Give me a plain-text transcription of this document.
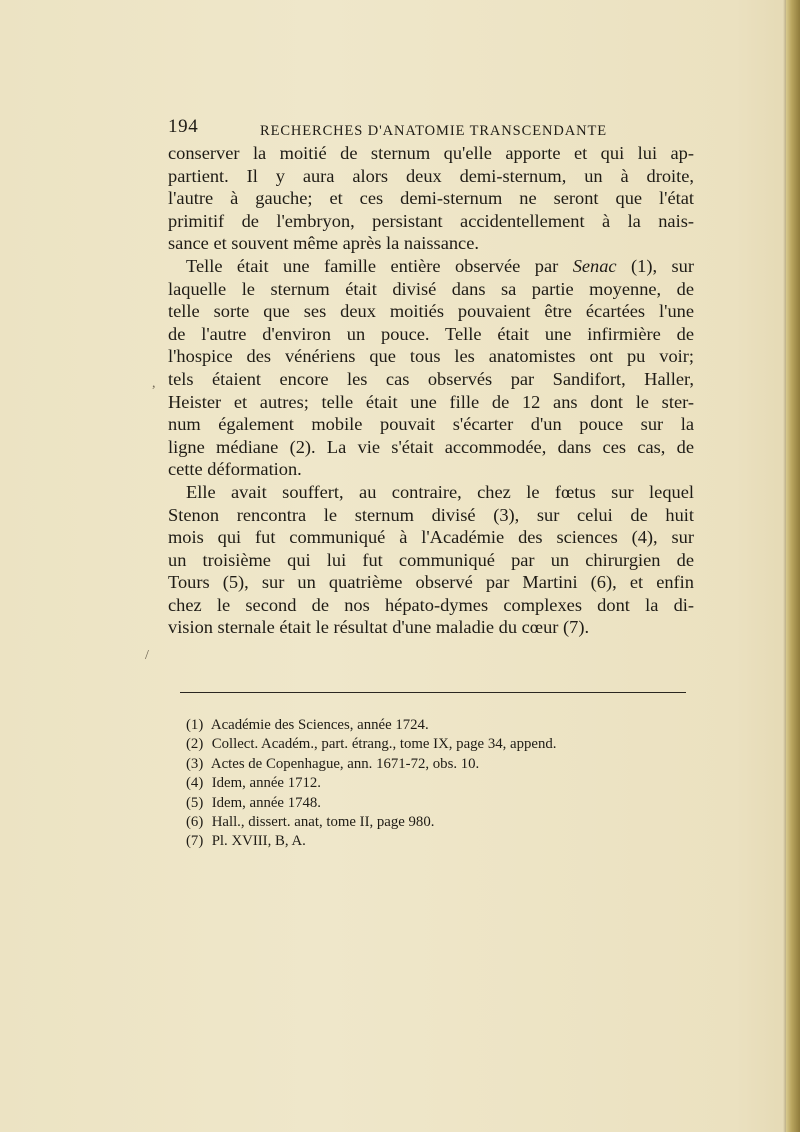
194	RECHERCHES D'ANATOMIE TRANSCENDANTE
conserver la moitié de sternum qu'elle apporte et qui lui ap-
partient. Il y aura alors deux demi-sternum, un à droite,
l'autre à gauche; et ces demi-sternum ne seront que l'état
primitif de l'embryon, persistant accidentellement à la nais-
sance et souvent même après la naissance.
Telle était une famille entière observée par Senac (1), sur
laquelle le sternum était divisé dans sa partie moyenne, de
telle sorte que ses deux moitiés pouvaient être écartées l'une
de l'autre d'environ un pouce. Telle était une infirmière de
l'hospice des vénériens que tous les anatomistes ont pu voir;
tels étaient encore les cas observés par Sandifort, Haller,
Heister et autres; telle était une fille de 12 ans dont le ster-
num également mobile pouvait s'écarter d'un pouce sur la
ligne médiane (2). La vie s'était accommodée, dans ces cas, de
cette déformation.
Elle avait souffert, au contraire, chez le fœtus sur lequel
Stenon rencontra le sternum divisé (3), sur celui de huit
mois qui fut communiqué à l'Académie des sciences (4), sur
un troisième qui lui fut communiqué par un chirurgien de
Tours (5), sur un quatrième observé par Martini (6), et enfin
chez le second de nos hépato-dymes complexes dont la di-
vision sternale était le résultat d'une maladie du cœur (7).
(1) Académie des Sciences, année 1724.
(2) Collect. Académ., part. étrang., tome IX, page 34, append.
(3) Actes de Copenhague, ann. 1671-72, obs. 10.
(4) Idem, année 1712.
(5) Idem, année 1748.
(6) Hall., dissert. anat, tome II, page 980.
(7) Pl. XVIII, B, A.
,
/
